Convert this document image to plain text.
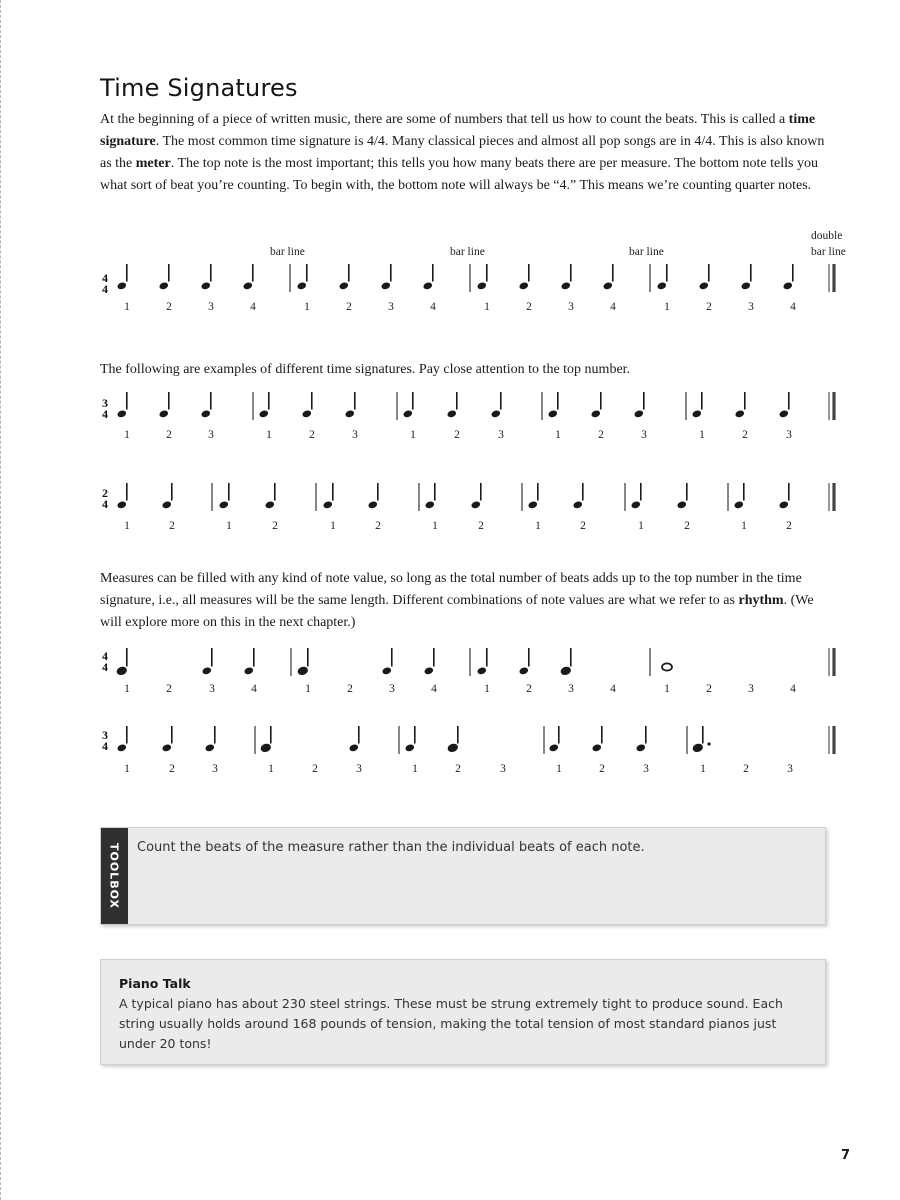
Time Signatures

At the beginning of a piece of written music, there are some of numbers that tell us how to count the beats. This is called a time signature. The most common time signature is 4/4. Many classical pieces and almost all pop songs are in 4/4. This is also known as the meter. The top note is the most important; this tells you how many beats there are per measure. The bottom note tells you what sort of beat you’re counting. To begin with, the bottom note will always be “4.” This means we’re counting quarter notes.

4
4
bar line	bar line	bar line
double
bar line
1	2	3	4	1	2	3	4	1	2	3	4	1	2	3	4

The following are examples of different time signatures. Pay close attention to the top number.

3
4
1	2	3	1	2	3	1	2	3	1	2	3	1	2	3
2
4
1	2	1	2	1	2	1	2	1	2	1	2	1	2

Measures can be filled with any kind of note value, so long as the total number of beats adds up to the top number in the time signature, i.e., all measures will be the same length. Different combinations of note values are what we refer to as rhythm. (We will explore more on this in the next chapter.)

4
4
1	2	3	4	1	2	3	4	1	2	3	4	1	2	3	4
3
4
1	2	3	1	2	3	1	2	3	1	2	3	1	2	3
TOOLBOX Count the beats of the measure rather than the individual beats of each note.

Piano Talk

A typical piano has about 230 steel strings. These must be strung extremely tight to produce sound. Each string usually holds around 168 pounds of tension, making the total tension of most standard pianos just under 20 tons!

7
